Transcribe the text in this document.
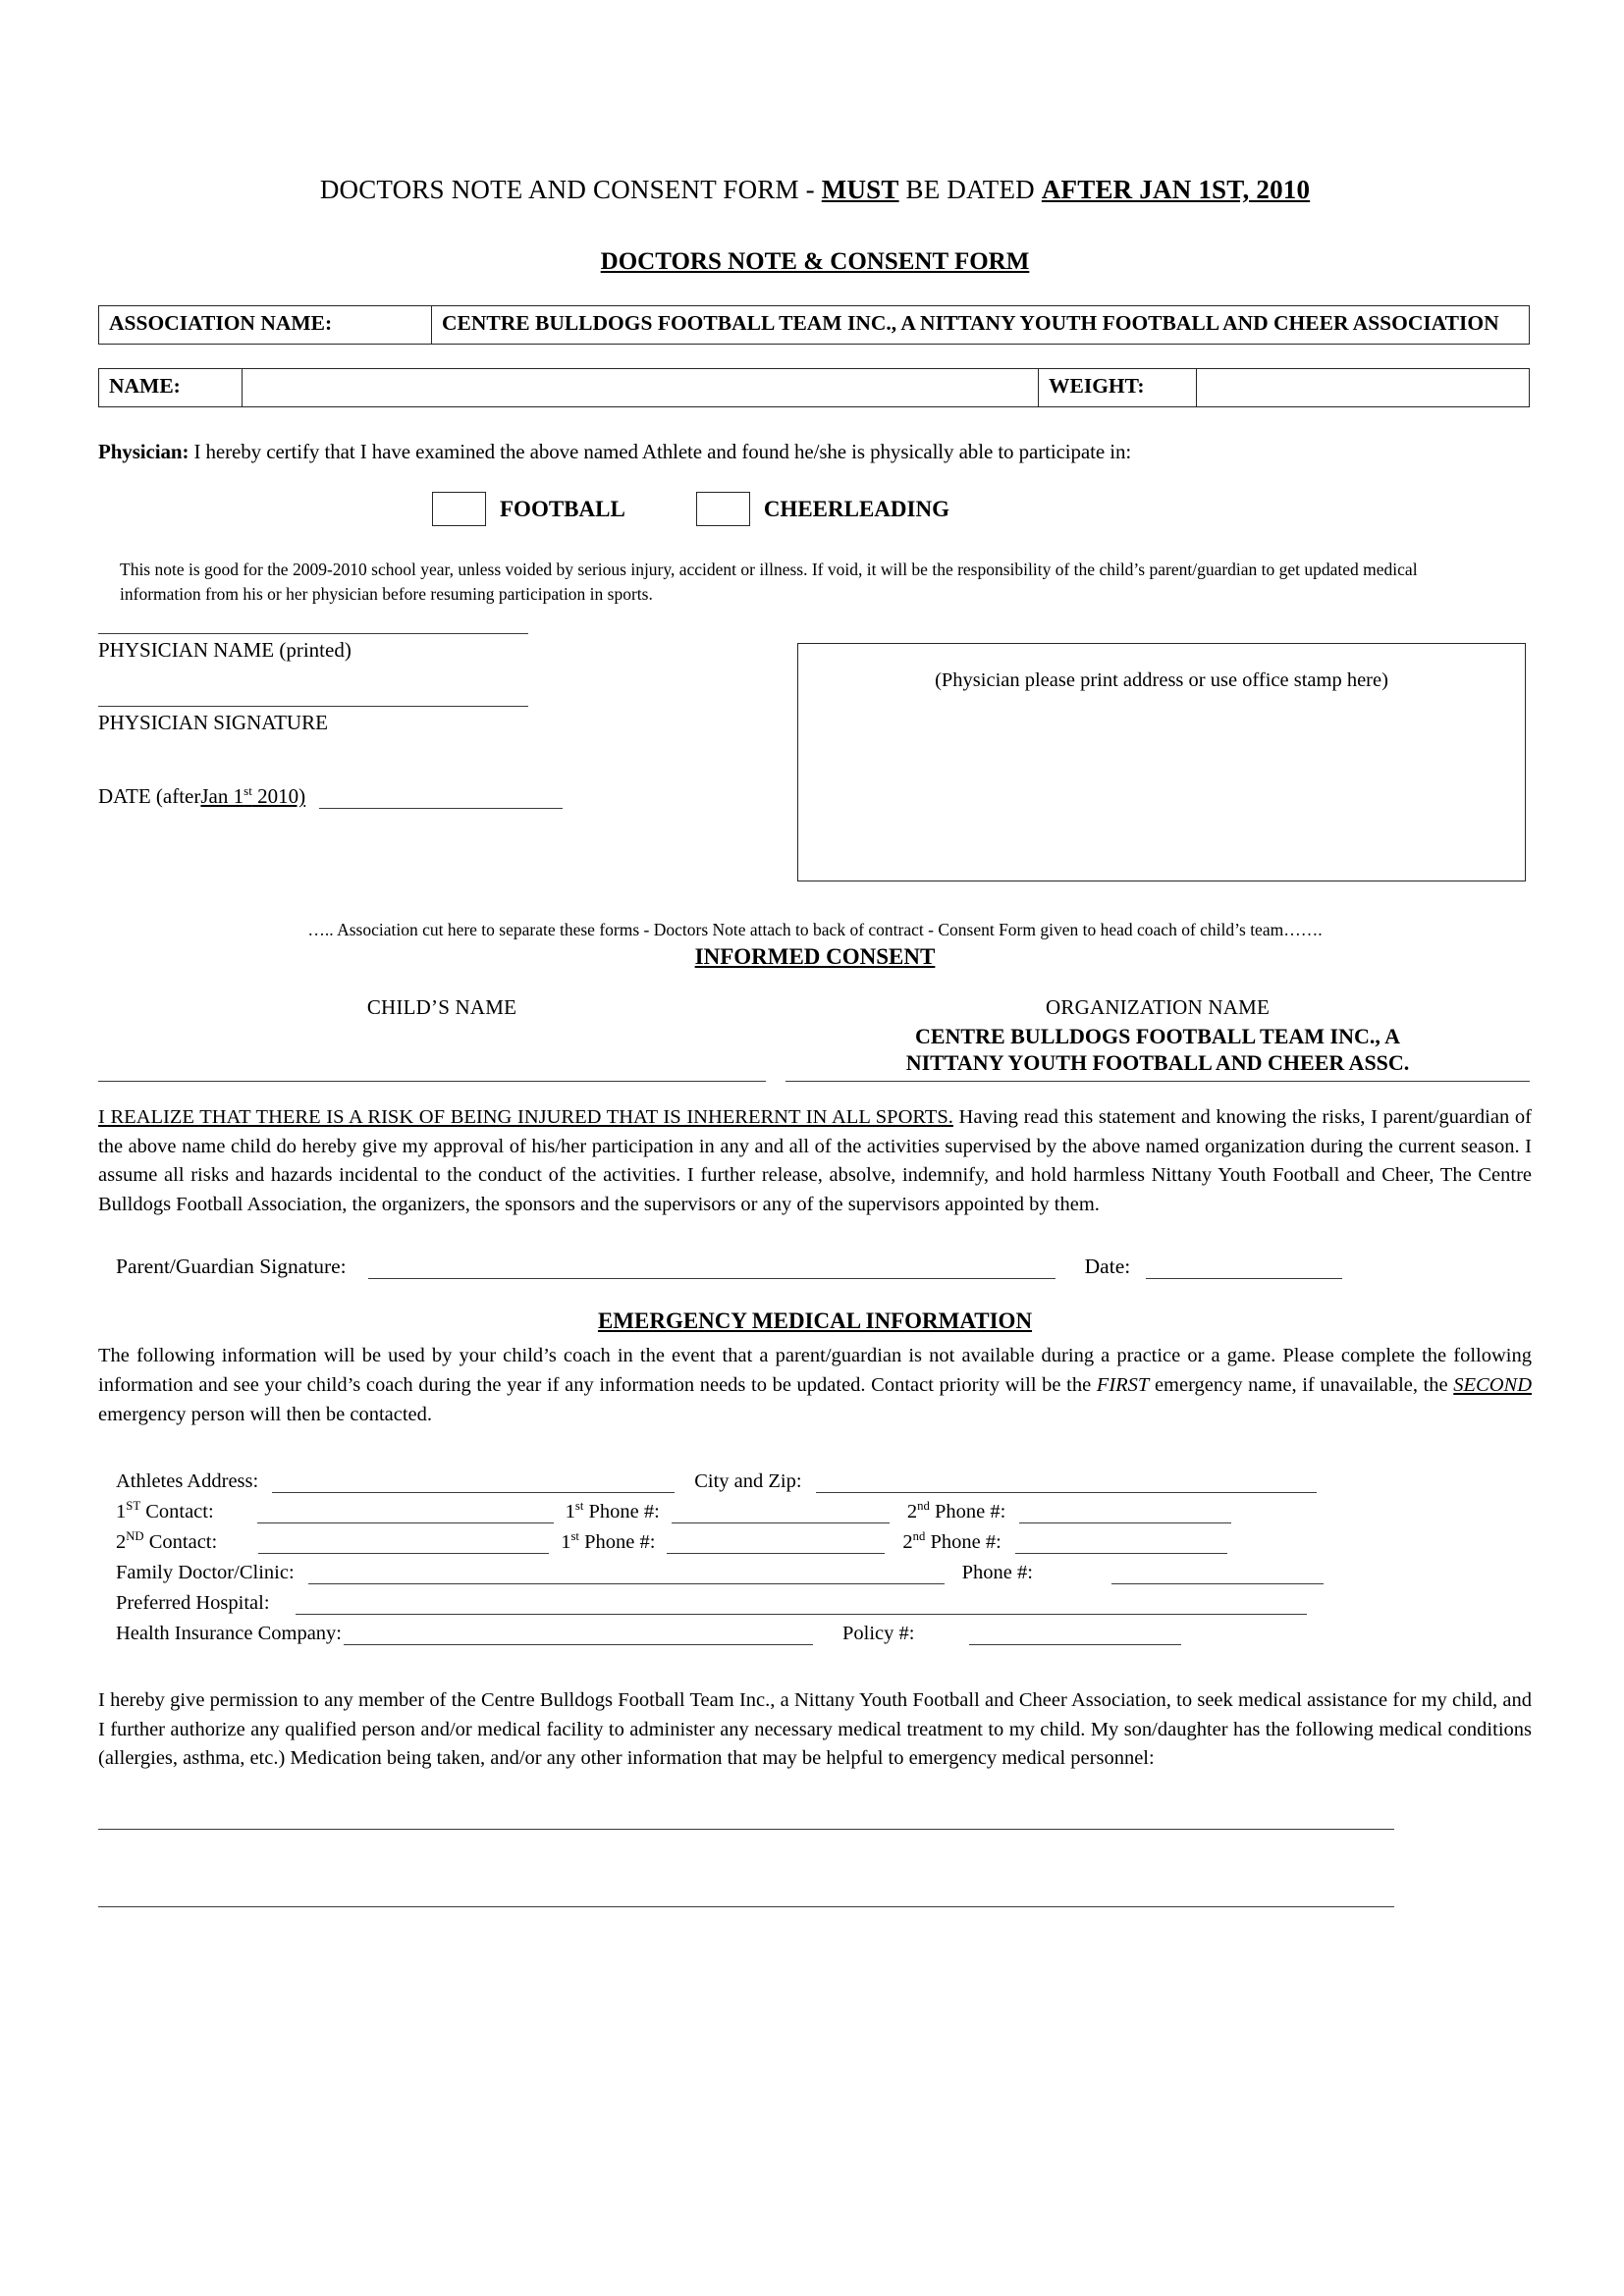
DOCTORS NOTE AND CONSENT FORM - MUST BE DATED AFTER JAN 1ST, 2010
DOCTORS NOTE & CONSENT FORM
ASSOCIATION NAME:	CENTRE BULLDOGS FOOTBALL TEAM INC., A NITTANY YOUTH FOOTBALL AND CHEER ASSOCIATION
NAME:		WEIGHT:	
Physician: I hereby certify that I have examined the above named Athlete and found he/she is physically able to participate in:
FOOTBALL	CHEERLEADING
This note is good for the 2009-2010 school year, unless voided by serious injury, accident or illness. If void, it will be the responsibility of the child’s parent/guardian to get updated medical information from his or her physician before resuming participation in sports.
PHYSICIAN NAME (printed)
PHYSICIAN SIGNATURE
DATE (after Jan 1st 2010)
(Physician please print address or use office stamp here)
….. Association cut here to separate these forms - Doctors Note attach to back of contract - Consent Form given to head coach of child’s team…….
INFORMED CONSENT
CHILD’S NAME	ORGANIZATION NAME
CENTRE BULLDOGS FOOTBALL TEAM INC., A
NITTANY YOUTH FOOTBALL AND CHEER ASSC.
I REALIZE THAT THERE IS A RISK OF BEING INJURED THAT IS INHERERNT IN ALL SPORTS. Having read this statement and knowing the risks, I parent/guardian of the above name child do hereby give my approval of his/her participation in any and all of the activities supervised by the above named organization during the current season. I assume all risks and hazards incidental to the conduct of the activities. I further release, absolve, indemnify, and hold harmless Nittany Youth Football and Cheer, The Centre Bulldogs Football Association, the organizers, the sponsors and the supervisors or any of the supervisors appointed by them.
Parent/Guardian Signature:	Date:
EMERGENCY MEDICAL INFORMATION
The following information will be used by your child’s coach in the event that a parent/guardian is not available during a practice or a game. Please complete the following information and see your child’s coach during the year if any information needs to be updated. Contact priority will be the FIRST emergency name, if unavailable, the SECOND emergency person will then be contacted.
Athletes Address:	City and Zip:
1ST Contact:	1st Phone #:	2nd Phone #:
2ND Contact:	1st Phone #:	2nd Phone #:
Family Doctor/Clinic:	Phone #:
Preferred Hospital:
Health Insurance Company:	Policy #:
I hereby give permission to any member of the Centre Bulldogs Football Team Inc., a Nittany Youth Football and Cheer Association, to seek medical assistance for my child, and I further authorize any qualified person and/or medical facility to administer any necessary medical treatment to my child. My son/daughter has the following medical conditions (allergies, asthma, etc.) Medication being taken, and/or any other information that may be helpful to emergency medical personnel:
